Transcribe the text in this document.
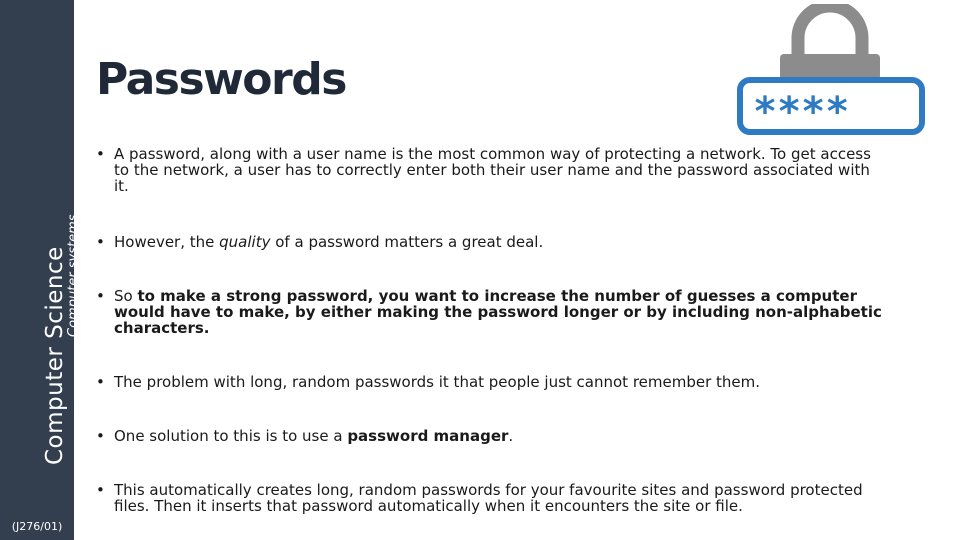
Computer Science
Computer systems
(J276/01)
Passwords
****_
• A password, along with a user name is the most common way of protecting a network. To get access to the network, a user has to correctly enter both their user name and the password associated with it.
• However, the quality of a password matters a great deal.
• So to make a strong password, you want to increase the number of guesses a computer would have to make, by either making the password longer or by including non-alphabetic characters.
• The problem with long, random passwords it that people just cannot remember them.
• One solution to this is to use a password manager.
• This automatically creates long, random passwords for your favourite sites and password protected files. Then it inserts that password automatically when it encounters the site or file.
